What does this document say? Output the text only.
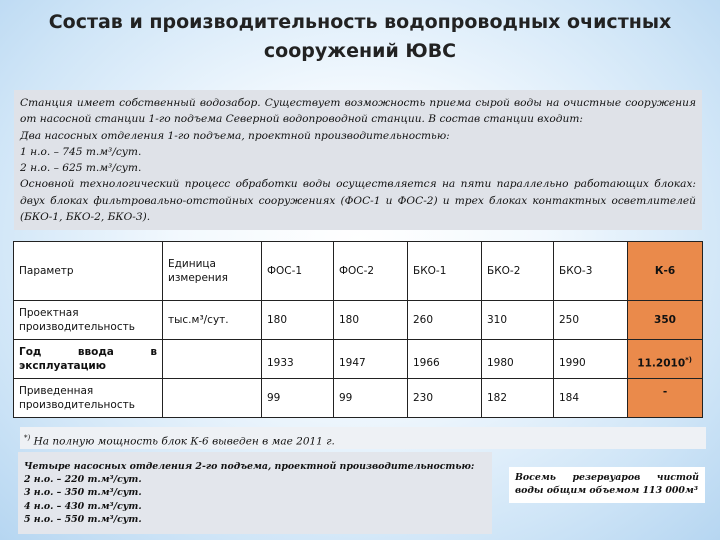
Состав и производительность водопроводных очистных
сооружений ЮВС

Станция имеет собственный водозабор. Существует возможность приема сырой воды на очистные сооружения от насосной станции 1-го подъема Северной водопроводной станции. В состав станции входит:

Два насосных отделения 1-го подъема, проектной производительностью:

1 н.о. – 745 т.м³/сут.

2 н.о. – 625 т.м³/сут.

Основной технологический процесс обработки воды осуществляется на пяти параллельно работающих блоках: двух блоках фильтровально-отстойных сооружениях (ФОС-1 и ФОС-2) и трех блоках контактных осветлителей (БКО-1, БКО-2, БКО-3).

Параметр	Единица измерения	ФОС-1	ФОС-2	БКО-1	БКО-2	БКО-3	К-6
Проектная производительность	тыс.м³/сут.	180	180	260	310	250	350

Год ввода в эксплуатацию		1933	1947	1966	1980	1990	11.2010*)
Приведенная производительность		99	99	230	182	184	-
*) На полную мощность блок К-6 выведен в мае 2011 г.
Четыре насосных отделения 2-го подъема, проектной производительностью:
2 н.о. – 220 т.м³/сут.
3 н.о. – 350 т.м³/сут.
4 н.о. – 430 т.м³/сут.
5 н.о. – 550 т.м³/сут.
Восемь резервуаров чистой воды общим объемом 113 000м³
